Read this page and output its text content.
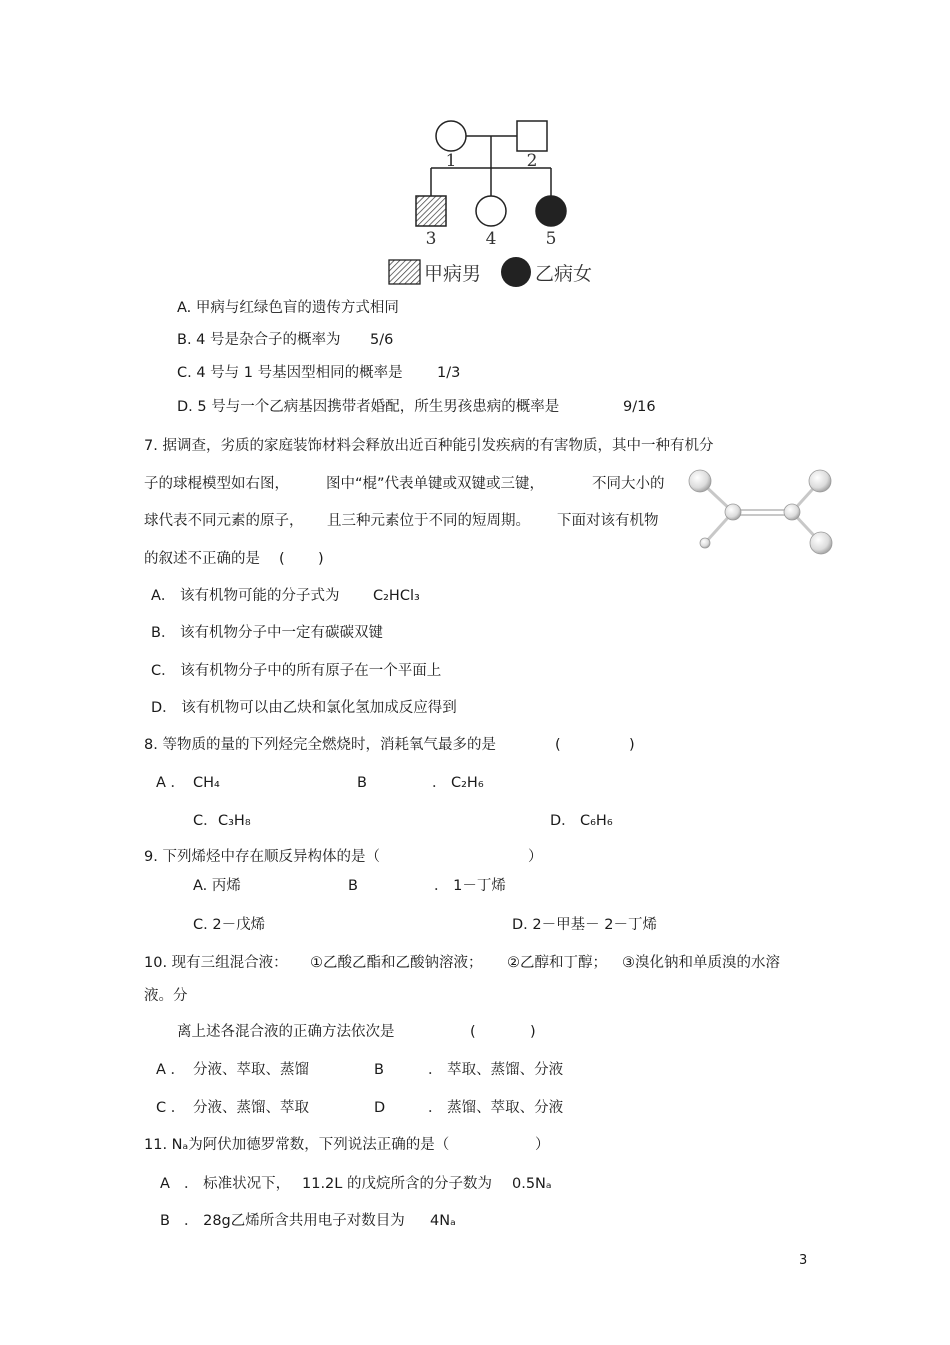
1	2
3	4	5
甲病男	乙病女
A. 甲病与红绿色盲的遗传方式相同
B. 4 号是杂合子的概率为 5/6
C. 4 号与 1 号基因型相同的概率是 1/3
D. 5 号与一个乙病基因携带者婚配，所生男孩患病的概率是	9/16
7. 据调查，劣质的家庭装饰材料会释放出近百种能引发疾病的有害物质，其中一种有机分
子的球棍模型如右图，	图中“棍”代表单键或双键或三键，	不同大小的
球代表不同元素的原子， 且三种元素位于不同的短周期。 下面对该有机物
的叙述不正确的是 ( )
A． 该有机物可能的分子式为 C₂HCl₃
B． 该有机物分子中一定有碳碳双键
C． 该有机物分子中的所有原子在一个平面上
D． 该有机物可以由乙炔和氯化氢加成反应得到
8. 等物质的量的下列烃完全燃烧时，消耗氧气最多的是	(	)
A ． CH₄	B	． C₂H₆
C． C₃H₈	D． C₆H₆
9. 下列烯烃中存在顺反异构体的是（	）
A. 丙烯	B	． 1－丁烯
C. 2－戊烯	D. 2－甲基－ 2－丁烯
10. 现有三组混合液： ①乙酸乙酯和乙酸钠溶液； ②乙醇和丁醇； ③溴化钠和单质溴的水溶
液。分
离上述各混合液的正确方法依次是	(	)
A ． 分液、萃取、蒸馏	B	． 萃取、蒸馏、分液
C ． 分液、蒸馏、萃取	D	． 蒸馏、萃取、分液
11. Nₐ为阿伏加德罗常数，下列说法正确的是（	）
A ． 标准状况下， 11.2L 的戊烷所含的分子数为 0.5Nₐ
B ． 28g乙烯所含共用电子对数目为 4Nₐ
3
